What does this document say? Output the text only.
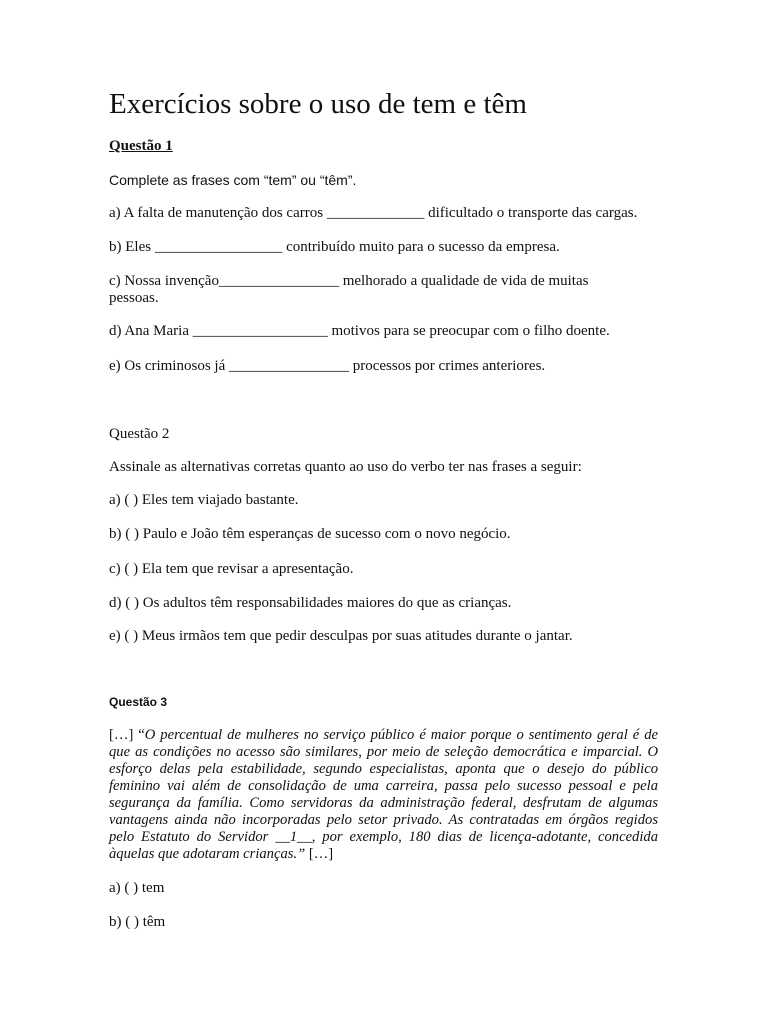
Exercícios sobre o uso de tem e têm
Questão 1
Complete as frases com “tem” ou “têm”.
a) A falta de manutenção dos carros _____________ dificultado o transporte das cargas.
b) Eles _________________ contribuído muito para o sucesso da empresa.
c) Nossa invenção________________ melhorado a qualidade de vida de muitas
pessoas.
d) Ana Maria __________________ motivos para se preocupar com o filho doente.
e) Os criminosos já ________________ processos por crimes anteriores.
Questão 2
Assinale as alternativas corretas quanto ao uso do verbo ter nas frases a seguir:
a) ( ) Eles tem viajado bastante.
b) ( ) Paulo e João têm esperanças de sucesso com o novo negócio.
c) ( ) Ela tem que revisar a apresentação.
d) ( ) Os adultos têm responsabilidades maiores do que as crianças.
e) ( ) Meus irmãos tem que pedir desculpas por suas atitudes durante o jantar.
Questão 3

[…] “O percentual de mulheres no serviço público é maior porque o sentimento geral é de que as condições no acesso são similares, por meio de seleção democrática e imparcial. O esforço delas pela estabilidade, segundo especialistas, aponta que o desejo do público feminino vai além de consolidação de uma carreira, passa pelo sucesso pessoal e pela segurança da família. Como servidoras da administração federal, desfrutam de algumas vantagens ainda não incorporadas pelo setor privado. As contratadas em órgãos regidos pelo Estatuto do Servidor __1__, por exemplo, 180 dias de licença-adotante, concedida àquelas que adotaram crianças.” […]

a) ( ) tem
b) ( ) têm
